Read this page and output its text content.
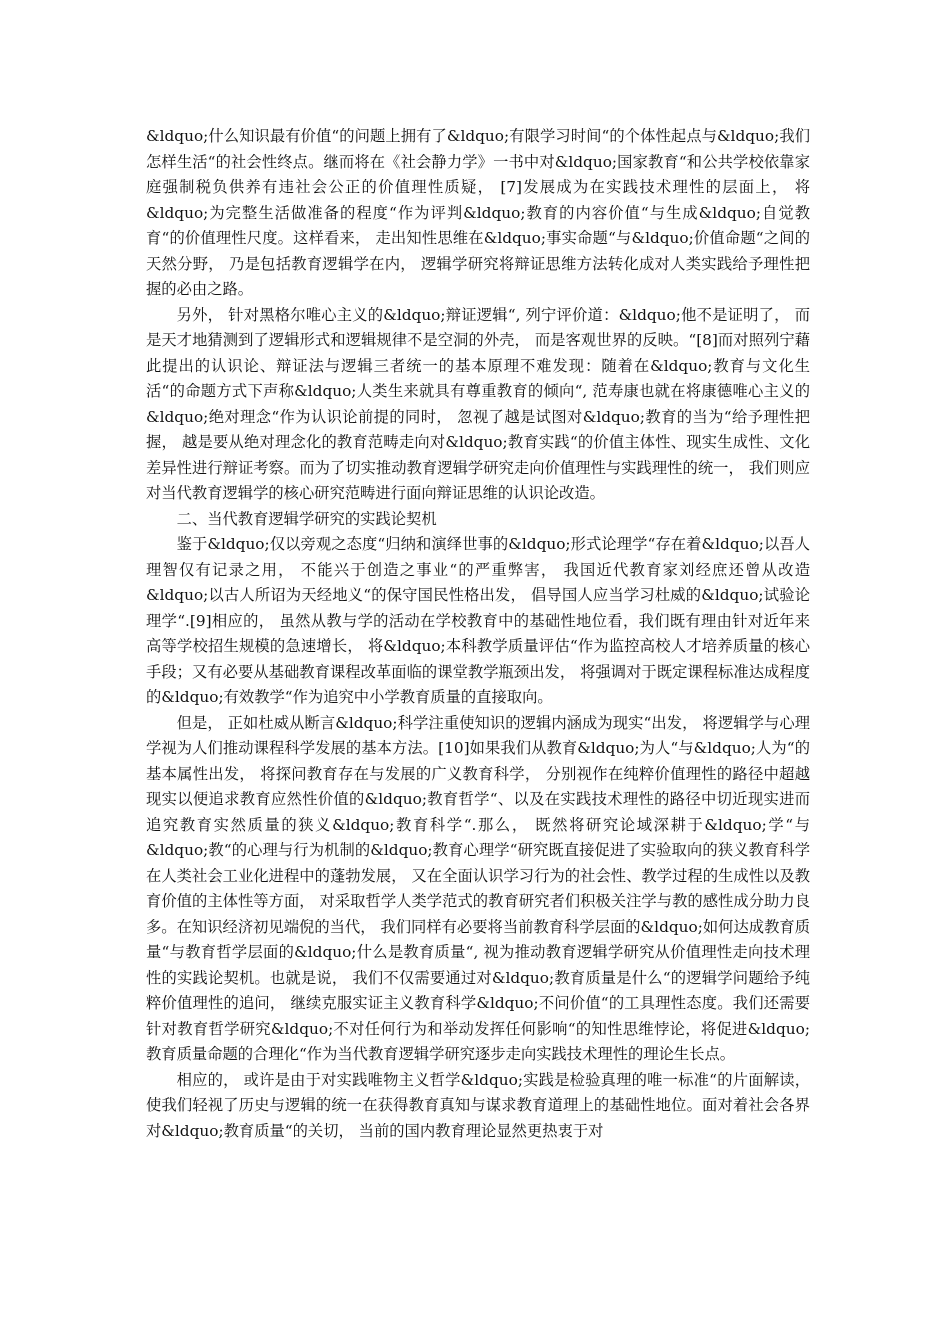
&ldquo;什么知识最有价值“的问题上拥有了&ldquo;有限学习时间“的个体性起点与&ldquo;我们怎样生活“的社会性终点。继而将在《社会静力学》一书中对&ldquo;国家教育“和公共学校依靠家庭强制税负供养有违社会公正的价值理性质疑， [7]发展成为在实践技术理性的层面上， 将&ldquo;为完整生活做准备的程度“作为评判&ldquo;教育的内容价值“与生成&ldquo;自觉教育“的价值理性尺度。这样看来， 走出知性思维在&ldquo;事实命题“与&ldquo;价值命题“之间的天然分野， 乃是包括教育逻辑学在内， 逻辑学研究将辩证思维方法转化成对人类实践给予理性把握的必由之路。

另外， 针对黑格尔唯心主义的&ldquo;辩证逻辑“, 列宁评价道：&ldquo;他不是证明了， 而是天才地猜测到了逻辑形式和逻辑规律不是空洞的外壳， 而是客观世界的反映。“[8]而对照列宁藉此提出的认识论、辩证法与逻辑三者统一的基本原理不难发现：随着在&ldquo;教育与文化生活“的命题方式下声称&ldquo;人类生来就具有尊重教育的倾向“, 范寿康也就在将康德唯心主义的&ldquo;绝对理念“作为认识论前提的同时， 忽视了越是试图对&ldquo;教育的当为“给予理性把握， 越是要从绝对理念化的教育范畴走向对&ldquo;教育实践“的价值主体性、现实生成性、文化差异性进行辩证考察。而为了切实推动教育逻辑学研究走向价值理性与实践理性的统一， 我们则应对当代教育逻辑学的核心研究范畴进行面向辩证思维的认识论改造。

二、当代教育逻辑学研究的实践论契机

鉴于&ldquo;仅以旁观之态度“归纳和演绎世事的&ldquo;形式论理学“存在着&ldquo;以吾人理智仅有记录之用， 不能兴于创造之事业“的严重弊害， 我国近代教育家刘经庶还曾从改造&ldquo;以古人所诏为天经地义“的保守国民性格出发， 倡导国人应当学习杜威的&ldquo;试验论理学“.[9]相应的， 虽然从教与学的活动在学校教育中的基础性地位看，我们既有理由针对近年来高等学校招生规模的急速增长， 将&ldquo;本科教学质量评估“作为监控高校人才培养质量的核心手段；又有必要从基础教育课程改革面临的课堂教学瓶颈出发， 将强调对于既定课程标准达成程度的&ldquo;有效教学“作为追究中小学教育质量的直接取向。

但是， 正如杜威从断言&ldquo;科学注重使知识的逻辑内涵成为现实“出发， 将逻辑学与心理学视为人们推动课程科学发展的基本方法。[10]如果我们从教育&ldquo;为人“与&ldquo;人为“的基本属性出发， 将探问教育存在与发展的广义教育科学， 分别视作在纯粹价值理性的路径中超越现实以便追求教育应然性价值的&ldquo;教育哲学“、以及在实践技术理性的路径中切近现实进而追究教育实然质量的狭义&ldquo;教育科学“.那么， 既然将研究论域深耕于&ldquo;学“与&ldquo;教“的心理与行为机制的&ldquo;教育心理学“研究既直接促进了实验取向的狭义教育科学在人类社会工业化进程中的蓬勃发展， 又在全面认识学习行为的社会性、教学过程的生成性以及教育价值的主体性等方面， 对采取哲学人类学范式的教育研究者们积极关注学与教的感性成分助力良多。在知识经济初见端倪的当代， 我们同样有必要将当前教育科学层面的&ldquo;如何达成教育质量“与教育哲学层面的&ldquo;什么是教育质量“, 视为推动教育逻辑学研究从价值理性走向技术理性的实践论契机。也就是说， 我们不仅需要通过对&ldquo;教育质量是什么“的逻辑学问题给予纯粹价值理性的追问， 继续克服实证主义教育科学&ldquo;不问价值“的工具理性态度。我们还需要针对教育哲学研究&ldquo;不对任何行为和举动发挥任何影响“的知性思维悖论，将促进&ldquo;教育质量命题的合理化“作为当代教育逻辑学研究逐步走向实践技术理性的理论生长点。

相应的， 或许是由于对实践唯物主义哲学&ldquo;实践是检验真理的唯一标准“的片面解读， 使我们轻视了历史与逻辑的统一在获得教育真知与谋求教育道理上的基础性地位。面对着社会各界对&ldquo;教育质量“的关切， 当前的国内教育理论显然更热衷于对
